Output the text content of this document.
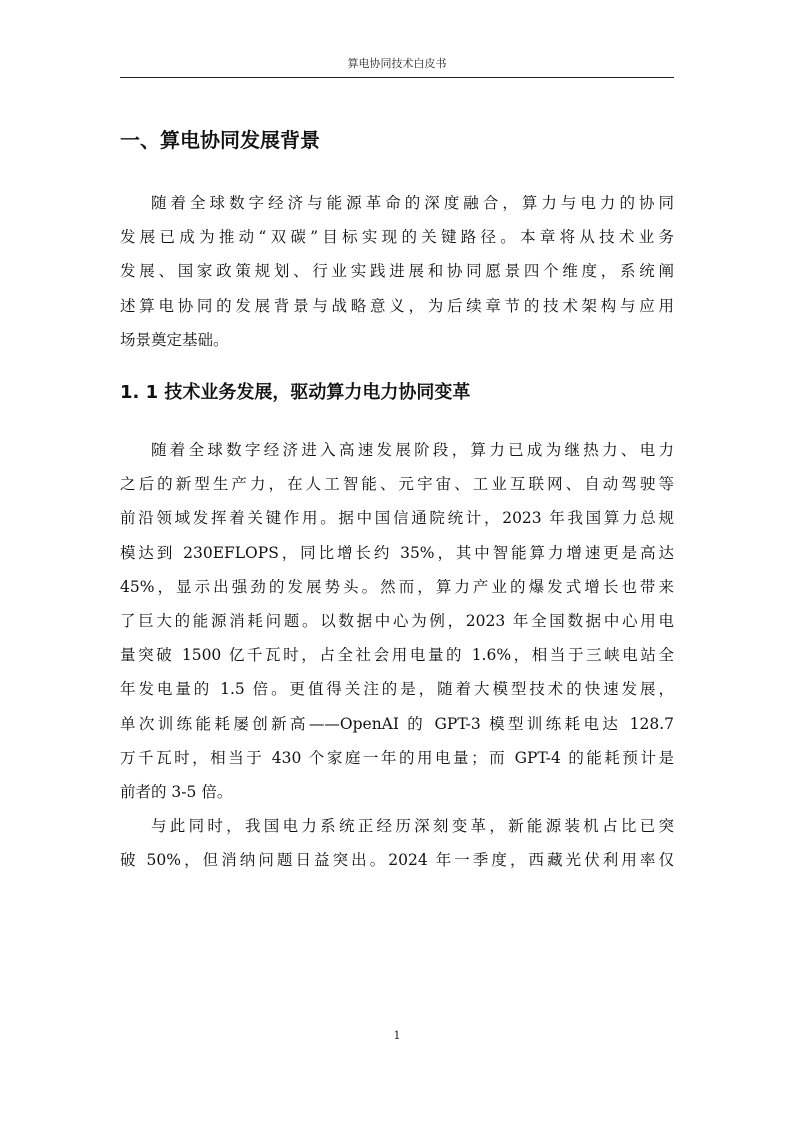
算电协同技术白皮书
一、算电协同发展背景
随着全球数字经济与能源革命的深度融合，算力与电力的协同
发展已成为推动“双碳”目标实现的关键路径。本章将从技术业务
发展、国家政策规划、行业实践进展和协同愿景四个维度，系统阐
述算电协同的发展背景与战略意义，为后续章节的技术架构与应用
场景奠定基础。
1. 1 技术业务发展，驱动算力电力协同变革
随着全球数字经济进入高速发展阶段，算力已成为继热力、电力
之后的新型生产力，在人工智能、元宇宙、工业互联网、自动驾驶等
前沿领域发挥着关键作用。据中国信通院统计，2023 年我国算力总规
模达到 230EFLOPS，同比增长约 35%，其中智能算力增速更是高达
45%，显示出强劲的发展势头。然而，算力产业的爆发式增长也带来
了巨大的能源消耗问题。以数据中心为例，2023 年全国数据中心用电
量突破 1500 亿千瓦时，占全社会用电量的 1.6%，相当于三峡电站全
年发电量的 1.5 倍。更值得关注的是，随着大模型技术的快速发展，
单次训练能耗屡创新高——OpenAI 的 GPT-3 模型训练耗电达 128.7
万千瓦时，相当于 430 个家庭一年的用电量；而 GPT-4 的能耗预计是
前者的 3-5 倍。
与此同时，我国电力系统正经历深刻变革，新能源装机占比已突
破 50%，但消纳问题日益突出。2024 年一季度，西藏光伏利用率仅
1
